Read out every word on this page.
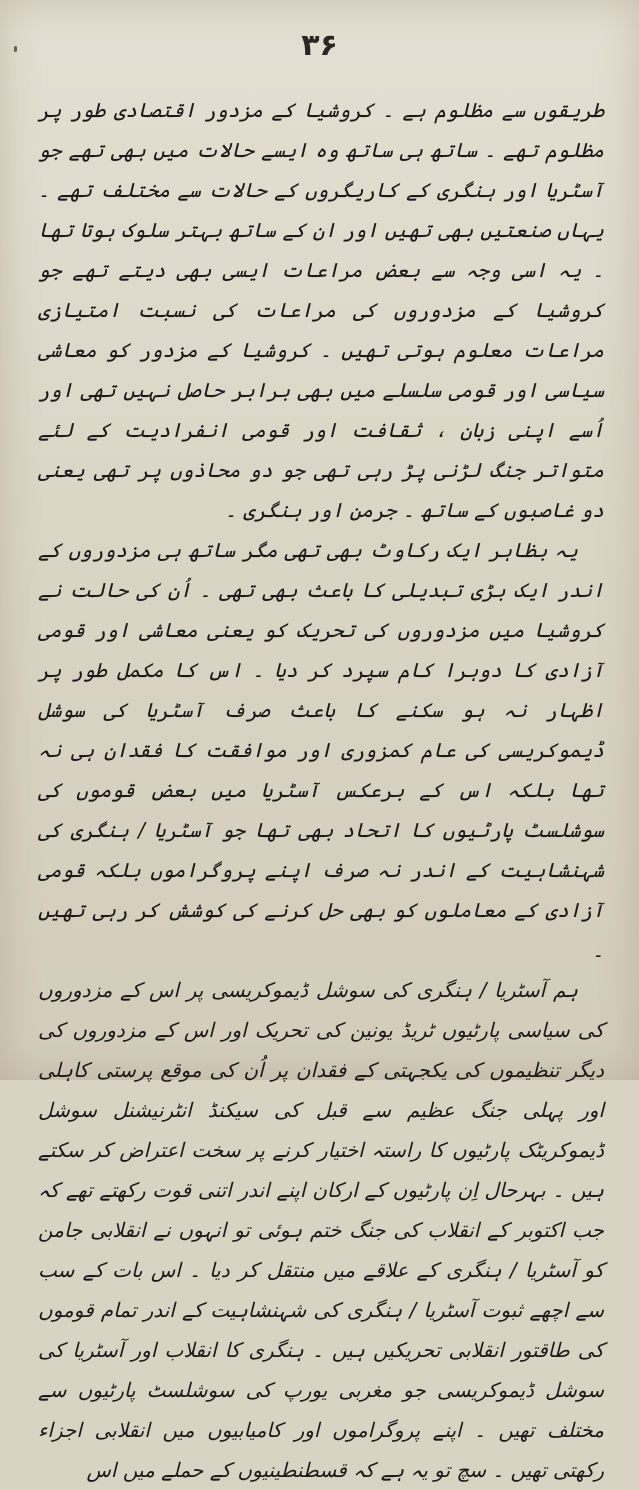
۳۶

طریقوں سے مظلوم ہے ۔ کروشیا کے مزدور اقتصادی طور پر مظلوم تھے ۔ ساتھ ہی ساتھ وہ ایسے حالات میں بھی تھے جو آسٹریا اور ہنگری کے کاریگروں کے حالات سے مختلف تھے ۔ یہاں صنعتیں بھی تھیں اور ان کے ساتھ بہتر سلوک ہوتا تھا ۔ یہ اسی وجہ سے بعض مراعات ایسی بھی دیتے تھے جو کروشیا کے مزدوروں کی مراعات کی نسبت امتیازی مراعات معلوم ہوتی تھیں ۔ کروشیا کے مزدور کو معاشی سیاسی اور قومی سلسلے میں بھی برابر حاصل نہیں تھی اور اُسے اپنی زبان ، ثقافت اور قومی انفرادیت کے لئے متواتر جنگ لڑنی پڑ رہی تھی جو دو محاذوں پر تھی یعنی دو غاصبوں کے ساتھ ۔ جرمن اور ہنگری ۔

یہ بظاہر ایک رکاوٹ بھی تھی مگر ساتھ ہی مزدوروں کے اندر ایک بڑی تبدیلی کا باعث بھی تھی ۔ اُن کی حالت نے کروشیا میں مزدوروں کی تحریک کو یعنی معاشی اور قومی آزادی کا دوہرا کام سپرد کر دیا ۔ اس کا مکمل طور پر اظہار نہ ہو سکنے کا باعث صرف آسٹریا کی سوشل ڈیموکریسی کی عام کمزوری اور موافقت کا فقدان ہی نہ تھا بلکہ اس کے برعکس آسٹریا میں بعض قوموں کی سوشلسٹ پارٹیوں کا اتحاد بھی تھا جو آسٹریا / ہنگری کی شہنشاہیت کے اندر نہ صرف اپنے پروگراموں بلکہ قومی آزادی کے معاملوں کو بھی حل کرنے کی کوشش کر رہی تھیں ۔

ہم آسٹریا / ہنگری کی سوشل ڈیموکریسی پر اس کے مزدوروں کی سیاسی پارٹیوں ٹریڈ یونین کی تحریک اور اس کے مزدوروں کی دیگر تنظیموں کی یکجہتی کے فقدان پر اُن کی موقع پرستی کاہلی اور پہلی جنگ عظیم سے قبل کی سیکنڈ انٹرنیشنل سوشل ڈیموکریٹک پارٹیوں کا راستہ اختیار کرنے پر سخت اعتراض کر سکتے ہیں ۔ بہرحال اِن پارٹیوں کے ارکان اپنے اندر اتنی قوت رکھتے تھے کہ جب اکتوبر کے انقلاب کی جنگ ختم ہوئی تو انہوں نے انقلابی جامن کو آسٹریا / ہنگری کے علاقے میں منتقل کر دیا ۔ اس بات کے سب سے اچھے ثبوت آسٹریا / ہنگری کی شہنشاہیت کے اندر تمام قوموں کی طاقتور انقلابی تحریکیں ہیں ۔ ہنگری کا انقلاب اور آسٹریا کی سوشل ڈیموکریسی جو مغربی یورپ کی سوشلسٹ پارٹیوں سے مختلف تھیں ۔ اپنے پروگراموں اور کامیابیوں میں انقلابی اجزاء رکھتی تھیں ۔ سچ تو یہ ہے کہ قسطنطینیوں کے حملے میں اس
